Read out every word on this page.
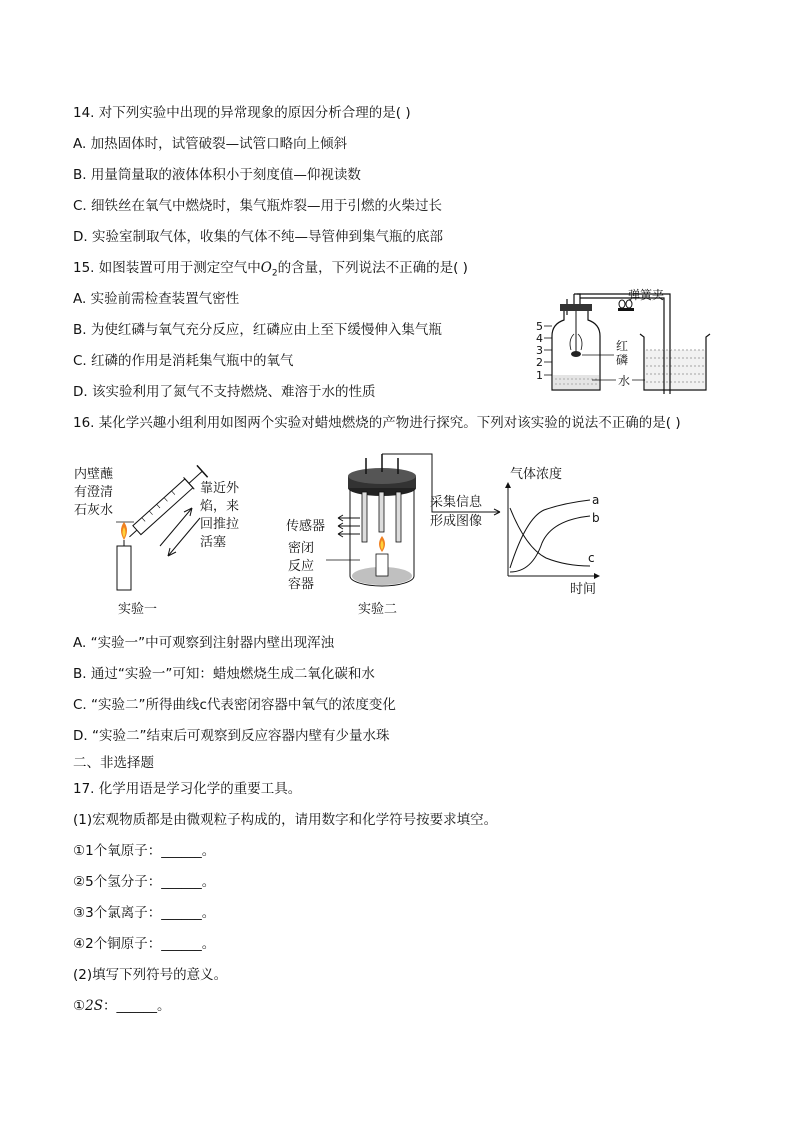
14. 对下列实验中出现的异常现象的原因分析合理的是( )
A. 加热固体时，试管破裂—试管口略向上倾斜
B. 用量筒量取的液体体积小于刻度值—仰视读数
C. 细铁丝在氧气中燃烧时，集气瓶炸裂—用于引燃的火柴过长
D. 实验室制取气体，收集的气体不纯—导管伸到集气瓶的底部
15. 如图装置可用于测定空气中$O_2$的含量，下列说法不正确的是( )
A. 实验前需检查装置气密性
B. 为使红磷与氧气充分反应，红磷应由上至下缓慢伸入集气瓶
C. 红磷的作用是消耗集气瓶中的氧气
D. 该实验利用了氮气不支持燃烧、难溶于水的性质
弹簧夹
5
4
3
2
1
红
磷
水
16. 某化学兴趣小组利用如图两个实验对蜡烛燃烧的产物进行探究。下列对该实验的说法不正确的是( )
内壁蘸
有澄清
石灰水
靠近外
焰，来
回推拉
活塞
实验一
传感器
密闭
反应
容器
实验二
采集信息
形成图像
气体浓度
a
b
c
时间
A. “实验一”中可观察到注射器内壁出现浑浊
B. 通过“实验一”可知：蜡烛燃烧生成二氧化碳和水
C. “实验二”所得曲线c代表密闭容器中氧气的浓度变化
D. “实验二”结束后可观察到反应容器内壁有少量水珠
二、非选择题
17. 化学用语是学习化学的重要工具。
(1)宏观物质都是由微观粒子构成的，请用数字和化学符号按要求填空。
①1个氧原子：______。
②5个氢分子：______。
③3个氯离子：______。
④2个铜原子：______。
(2)填写下列符号的意义。
①2S：______。
